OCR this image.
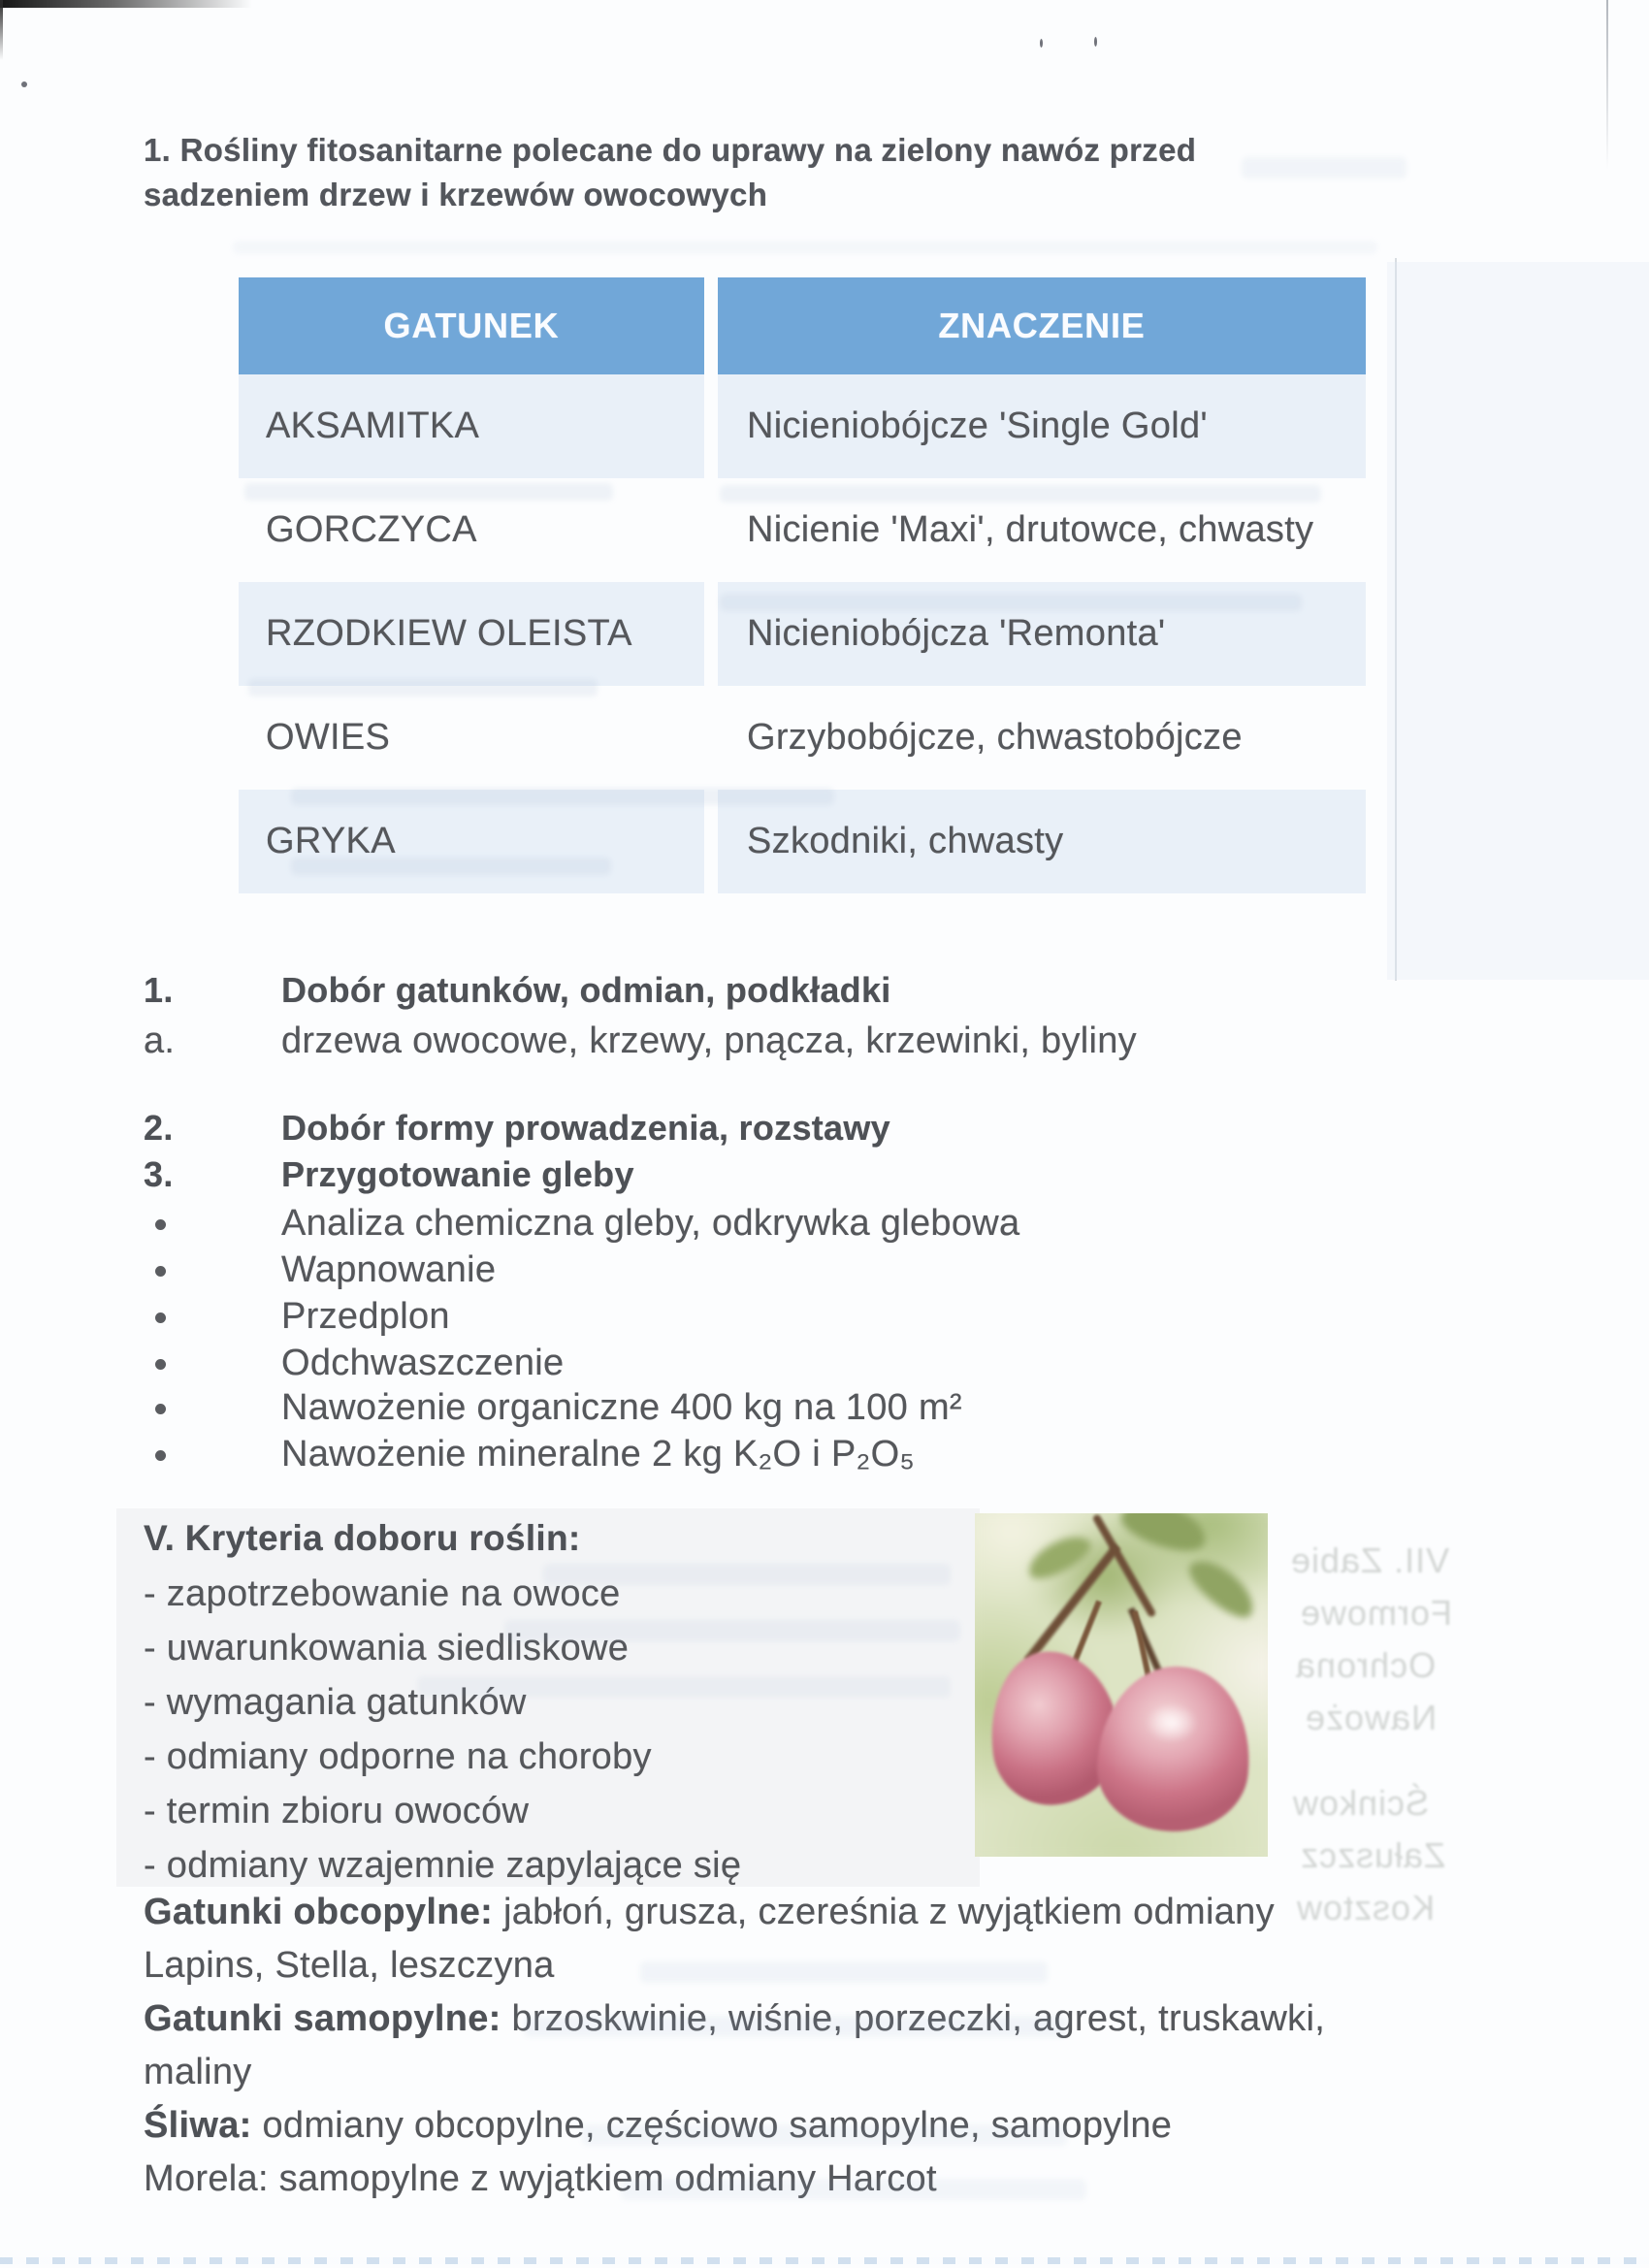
1. Rośliny fitosanitarne polecane do uprawy na zielony nawóz przed sadzeniem drzew i krzewów owocowych
GATUNEK	ZNACZENIE
AKSAMITKA	Nicieniobójcze 'Single Gold'
GORCZYCA	Nicienie 'Maxi', drutowce, chwasty
RZODKIEW OLEISTA	Nicieniobójcza 'Remonta'
OWIES	Grzybobójcze, chwastobójcze
GRYKA	Szkodniki, chwasty
1.	Dobór gatunków, odmian, podkładki
a.	drzewa owocowe, krzewy, pnącza, krzewinki, byliny
2.	Dobór formy prowadzenia, rozstawy
3.	Przygotowanie gleby
Analiza chemiczna gleby, odkrywka glebowa
Wapnowanie
Przedplon
Odchwaszczenie
Nawożenie organiczne 400 kg na 100 m²
Nawożenie mineralne 2 kg K₂O i P₂O₅
V. Kryteria doboru roślin:
- zapotrzebowanie na owoce
- uwarunkowania siedliskowe
- wymagania gatunków
- odmiany odporne na choroby
- termin zbioru owoców
- odmiany wzajemnie zapylające się
VII. Zabie
Formowe
Ochrona
Nawoże
Ścinkow
Załuszcz
Kosztow
Gatunki obcopylne: jabłoń, grusza, czereśnia z wyjątkiem odmiany
Lapins, Stella, leszczyna
Gatunki samopylne: brzoskwinie, wiśnie, porzeczki, agrest, truskawki,
maliny
Śliwa: odmiany obcopylne, częściowo samopylne, samopylne
Morela: samopylne z wyjątkiem odmiany Harcot
